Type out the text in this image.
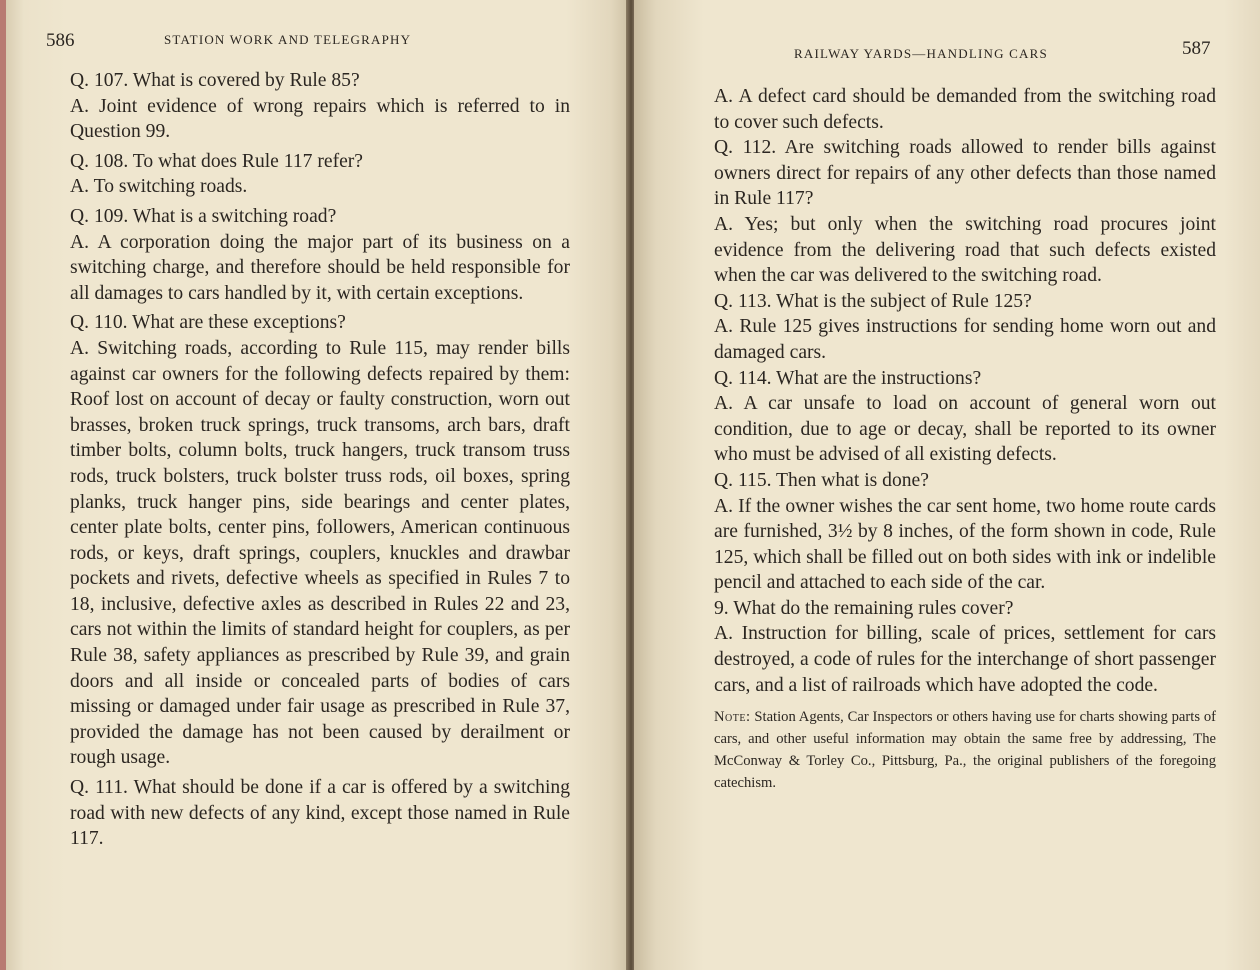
586	STATION WORK AND TELEGRAPHY

Q. 107. What is covered by Rule 85?

A. Joint evidence of wrong repairs which is referred to in Question 99.

Q. 108. To what does Rule 117 refer?

A. To switching roads.

Q. 109. What is a switching road?

A. A corporation doing the major part of its business on a switching charge, and therefore should be held responsible for all damages to cars handled by it, with certain exceptions.

Q. 110. What are these exceptions?

A. Switching roads, according to Rule 115, may render bills against car owners for the following defects repaired by them: Roof lost on account of decay or faulty construction, worn out brasses, broken truck springs, truck transoms, arch bars, draft timber bolts, column bolts, truck hangers, truck transom truss rods, truck bolsters, truck bolster truss rods, oil boxes, spring planks, truck hanger pins, side bearings and center plates, center plate bolts, center pins, followers, American continuous rods, or keys, draft springs, couplers, knuckles and drawbar pockets and rivets, defective wheels as specified in Rules 7 to 18, inclusive, defective axles as described in Rules 22 and 23, cars not within the limits of standard height for couplers, as per Rule 38, safety appliances as prescribed by Rule 39, and grain doors and all inside or concealed parts of bodies of cars missing or damaged under fair usage as prescribed in Rule 37, provided the damage has not been caused by derailment or rough usage.

Q. 111. What should be done if a car is offered by a switching road with new defects of any kind, except those named in Rule 117.

RAILWAY YARDS—HANDLING CARS	587

A. A defect card should be demanded from the switching road to cover such defects.

Q. 112. Are switching roads allowed to render bills against owners direct for repairs of any other defects than those named in Rule 117?

A. Yes; but only when the switching road procures joint evidence from the delivering road that such defects existed when the car was delivered to the switching road.

Q. 113. What is the subject of Rule 125?

A. Rule 125 gives instructions for sending home worn out and damaged cars.

Q. 114. What are the instructions?

A. A car unsafe to load on account of general worn out condition, due to age or decay, shall be reported to its owner who must be advised of all existing defects.

Q. 115. Then what is done?

A. If the owner wishes the car sent home, two home route cards are furnished, 3½ by 8 inches, of the form shown in code, Rule 125, which shall be filled out on both sides with ink or indelible pencil and attached to each side of the car.

9. What do the remaining rules cover?

A. Instruction for billing, scale of prices, settlement for cars destroyed, a code of rules for the interchange of short passenger cars, and a list of railroads which have adopted the code.

Note: Station Agents, Car Inspectors or others having use for charts showing parts of cars, and other useful information may obtain the same free by addressing, The McConway & Torley Co., Pittsburg, Pa., the original publishers of the foregoing catechism.
